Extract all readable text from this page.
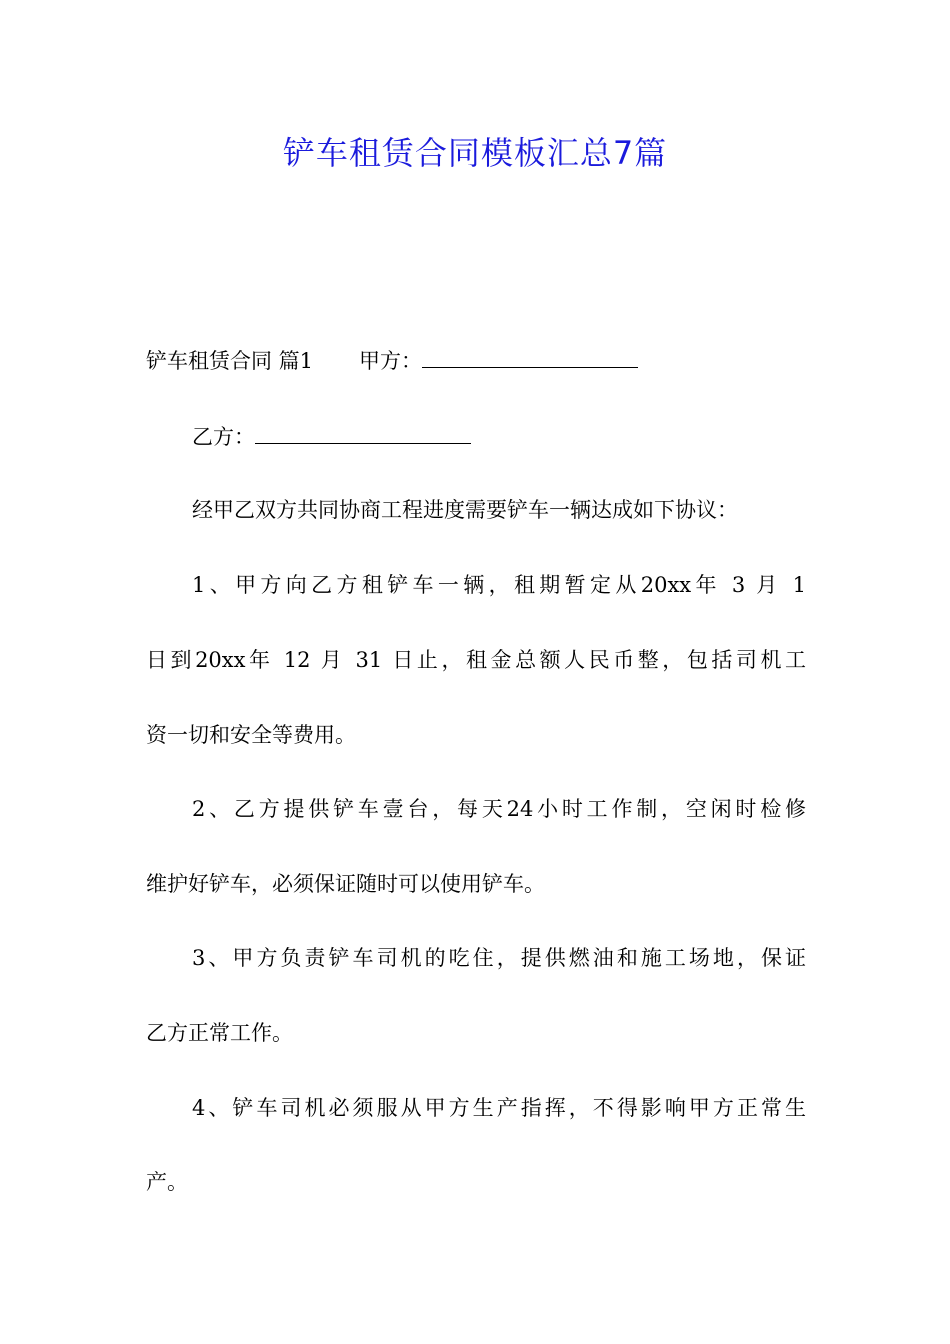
铲车租赁合同模板汇总7篇
铲车租赁合同 篇1 甲方：
乙方：
经甲乙双方共同协商工程进度需要铲车一辆达成如下协议：
1、甲方向乙方租铲车一辆，租期暂定从20xx年 3 月 1
日到20xx年 12 月 31 日止，租金总额人民币整，包括司机工
资一切和安全等费用。
2、乙方提供铲车壹台，每天24小时工作制，空闲时检修
维护好铲车，必须保证随时可以使用铲车。
3、甲方负责铲车司机的吃住，提供燃油和施工场地，保证
乙方正常工作。
4、铲车司机必须服从甲方生产指挥，不得影响甲方正常生
产。
